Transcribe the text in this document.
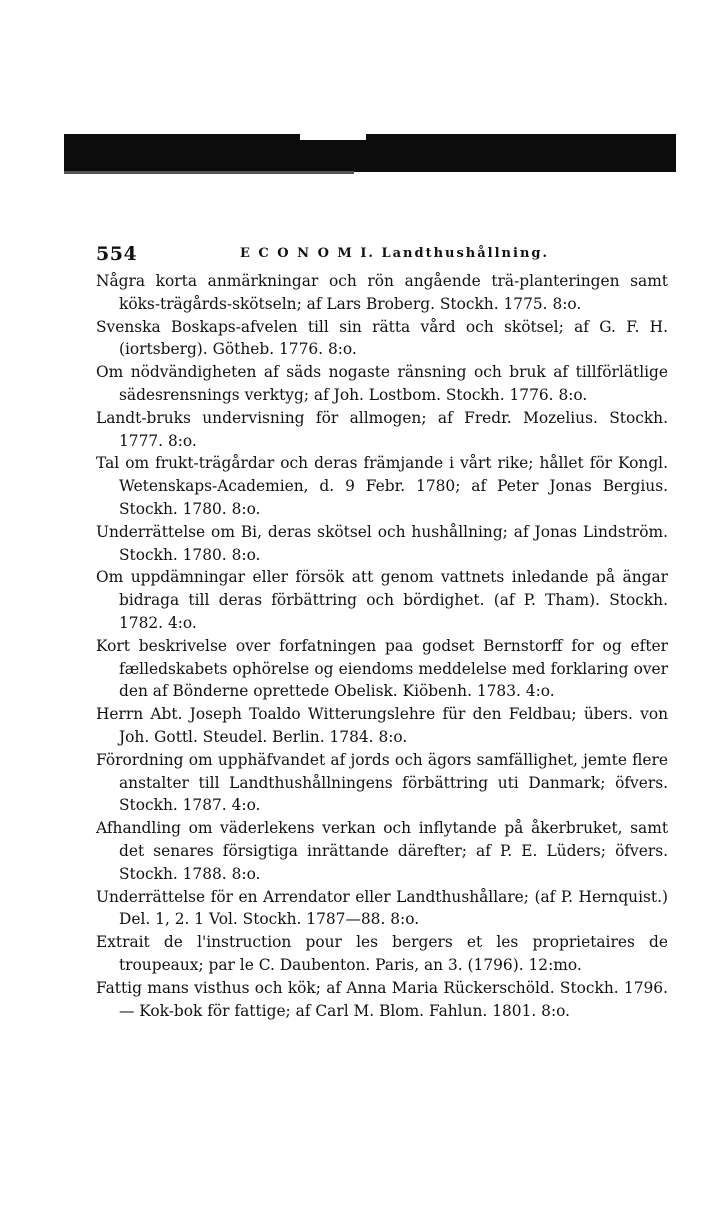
554	E C O N O M I. Landthushållning.

Några korta anmärkningar och rön angående trä-planteringen samt köks-trägårds-skötseln; af Lars Broberg. Stockh. 1775. 8:o.

Svenska Boskaps-afvelen till sin rätta vård och skötsel; af G. F. H. (iortsberg). Götheb. 1776. 8:o.

Om nödvändigheten af säds nogaste ränsning och bruk af tillförlätlige sädesrensnings verktyg; af Joh. Lostbom. Stockh. 1776. 8:o.

Landt-bruks undervisning för allmogen; af Fredr. Mozelius. Stockh. 1777. 8:o.

Tal om frukt-trägårdar och deras främjande i vårt rike; hållet för Kongl. Wetenskaps-Academien, d. 9 Febr. 1780; af Peter Jonas Bergius. Stockh. 1780. 8:o.

Underrättelse om Bi, deras skötsel och hushållning; af Jonas Lindström. Stockh. 1780. 8:o.

Om uppdämningar eller försök att genom vattnets inledande på ängar bidraga till deras förbättring och bördighet. (af P. Tham). Stockh. 1782. 4:o.

Kort beskrivelse over forfatningen paa godset Bernstorff for og efter fælledskabets ophörelse og eiendoms meddelelse med forklaring over den af Bönderne oprettede Obelisk. Kiöbenh. 1783. 4:o.

Herrn Abt. Joseph Toaldo Witterungslehre für den Feldbau; übers. von Joh. Gottl. Steudel. Berlin. 1784. 8:o.

Förordning om upphäfvandet af jords och ägors samfällighet, jemte flere anstalter till Landthushållningens förbättring uti Danmark; öfvers. Stockh. 1787. 4:o.

Afhandling om väderlekens verkan och inflytande på åkerbruket, samt det senares försigtiga inrättande därefter; af P. E. Lüders; öfvers. Stockh. 1788. 8:o.

Underrättelse för en Arrendator eller Landthushållare; (af P. Hernquist.) Del. 1, 2. 1 Vol. Stockh. 1787—88. 8:o.

Extrait de l'instruction pour les bergers et les proprietaires de troupeaux; par le C. Daubenton. Paris, an 3. (1796). 12:mo.

Fattig mans visthus och kök; af Anna Maria Rückerschöld. Stockh. 1796. — Kok-bok för fattige; af Carl M. Blom. Fahlun. 1801. 8:o.
